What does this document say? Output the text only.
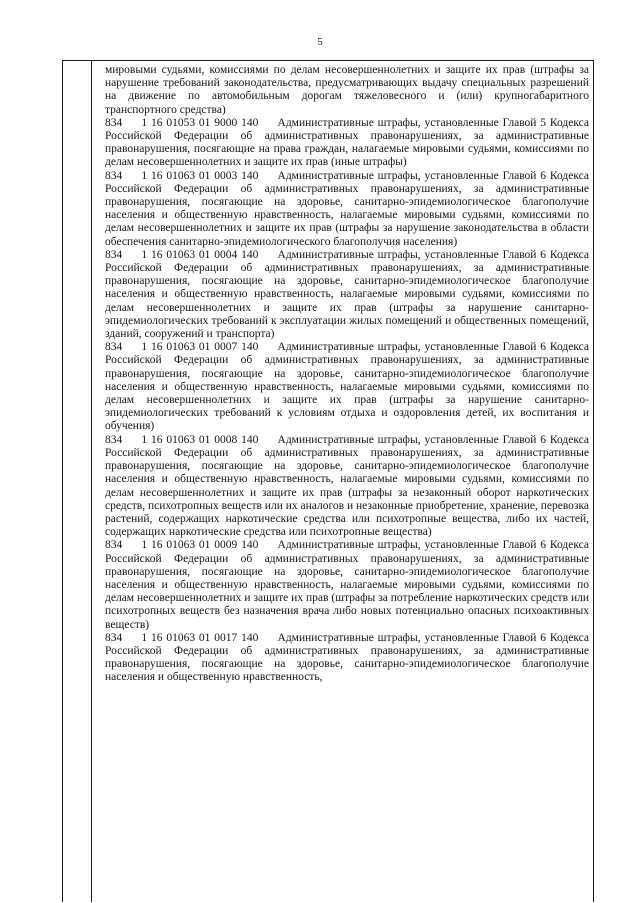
5

мировыми судьями, комиссиями по делам несовершеннолетних и защите их прав (штрафы за нарушение требований законодательства, предусматривающих выдачу специальных разрешений на движение по автомобильным дорогам тяжеловесного и (или) крупногабаритного транспортного средства)

834     1 16 01053 01 9000 140     Административные штрафы, установленные Главой 5 Кодекса Российской Федерации об административных правонарушениях, за административные правонарушения, посягающие на права граждан, налагаемые мировыми судьями, комиссиями по делам несовершеннолетних и защите их прав (иные штрафы)

834     1 16 01063 01 0003 140     Административные штрафы, установленные Главой 6 Кодекса Российской Федерации об административных правонарушениях, за административные правонарушения, посягающие на здоровье, санитарно-эпидемиологическое благополучие населения и общественную нравственность, налагаемые мировыми судьями, комиссиями по делам несовершеннолетних и защите их прав (штрафы за нарушение законодательства в области обеспечения санитарно-эпидемиологического благополучия населения)

834     1 16 01063 01 0004 140     Административные штрафы, установленные Главой 6 Кодекса Российской Федерации об административных правонарушениях, за административные правонарушения, посягающие на здоровье, санитарно-эпидемиологическое благополучие населения и общественную нравственность, налагаемые мировыми судьями, комиссиями по делам несовершеннолетних и защите их прав (штрафы за нарушение санитарно-эпидемиологических требований к эксплуатации жилых помещений и общественных помещений, зданий, сооружений и транспорта)

834     1 16 01063 01 0007 140     Административные штрафы, установленные Главой 6 Кодекса Российской Федерации об административных правонарушениях, за административные правонарушения, посягающие на здоровье, санитарно-эпидемиологическое благополучие населения и общественную нравственность, налагаемые мировыми судьями, комиссиями по делам несовершеннолетних и защите их прав (штрафы за нарушение санитарно-эпидемиологических требований к условиям отдыха и оздоровления детей, их воспитания и обучения)

834     1 16 01063 01 0008 140     Административные штрафы, установленные Главой 6 Кодекса Российской Федерации об административных правонарушениях, за административные правонарушения, посягающие на здоровье, санитарно-эпидемиологическое благополучие населения и общественную нравственность, налагаемые мировыми судьями, комиссиями по делам несовершеннолетних и защите их прав (штрафы за незаконный оборот наркотических средств, психотропных веществ или их аналогов и незаконные приобретение, хранение, перевозка растений, содержащих наркотические средства или психотропные вещества, либо их частей, содержащих наркотические средства или психотропные вещества)

834     1 16 01063 01 0009 140     Административные штрафы, установленные Главой 6 Кодекса Российской Федерации об административных правонарушениях, за административные правонарушения, посягающие на здоровье, санитарно-эпидемиологическое благополучие населения и общественную нравственность, налагаемые мировыми судьями, комиссиями по делам несовершеннолетних и защите их прав (штрафы за потребление наркотических средств или психотропных веществ без назначения врача либо новых потенциально опасных психоактивных веществ)

834     1 16 01063 01 0017 140     Административные штрафы, установленные Главой 6 Кодекса Российской Федерации об административных правонарушениях, за административные правонарушения, посягающие на здоровье, санитарно-эпидемиологическое благополучие населения и общественную нравственность,
